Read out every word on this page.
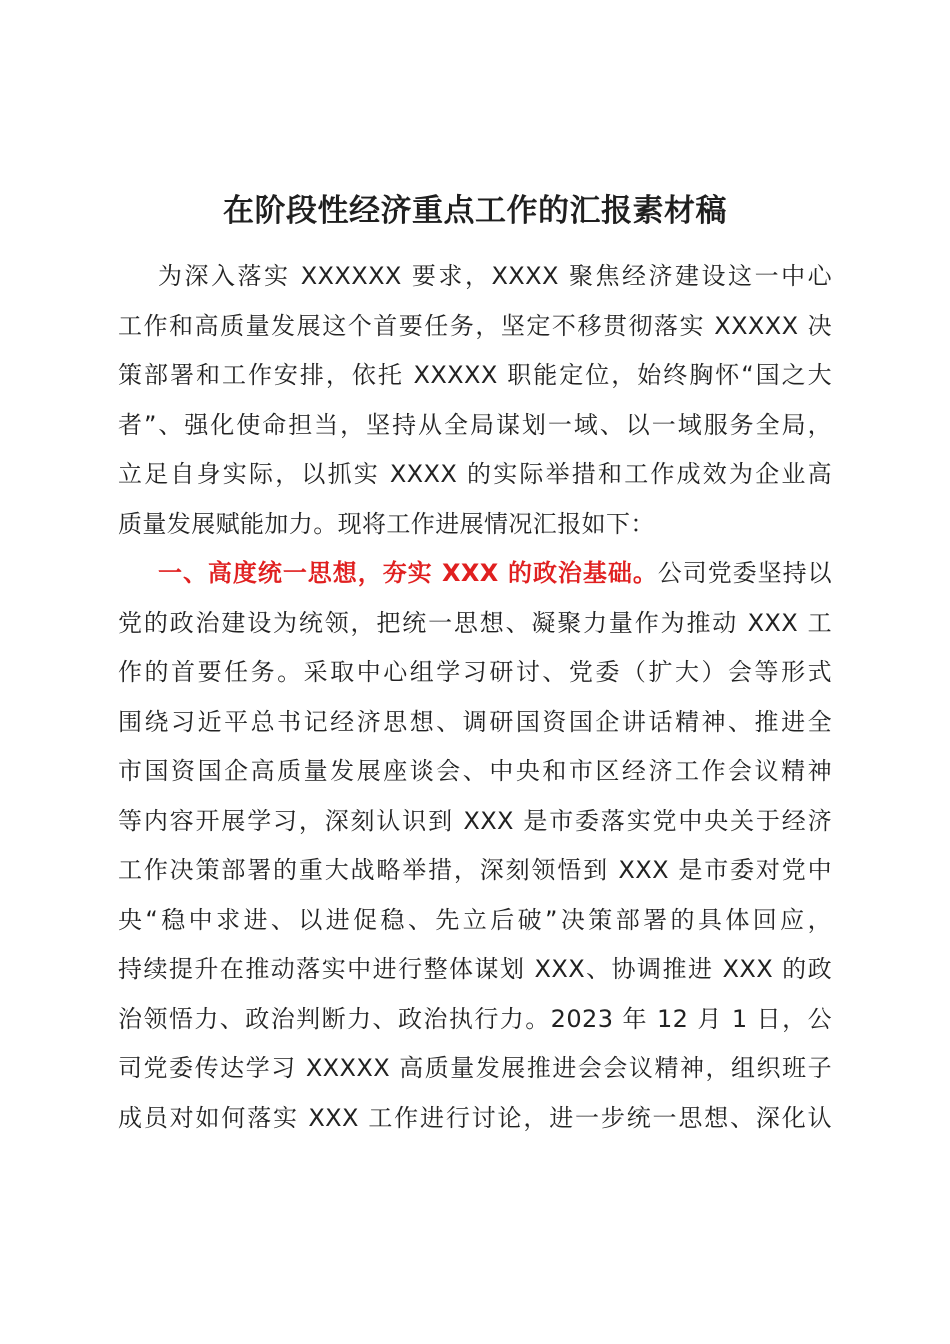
在阶段性经济重点工作的汇报素材稿
为深入落实 XXXXXX 要求，XXXX 聚焦经济建设这一中心
工作和高质量发展这个首要任务，坚定不移贯彻落实 XXXXX 决
策部署和工作安排，依托 XXXXX 职能定位，始终胸怀“国之大
者”、强化使命担当，坚持从全局谋划一域、以一域服务全局，
立足自身实际，以抓实 XXXX 的实际举措和工作成效为企业高
质量发展赋能加力。现将工作进展情况汇报如下：
一、高度统一思想，夯实 XXX 的政治基础。公司党委坚持以
党的政治建设为统领，把统一思想、凝聚力量作为推动 XXX 工
作的首要任务。采取中心组学习研讨、党委（扩大）会等形式
围绕习近平总书记经济思想、调研国资国企讲话精神、推进全
市国资国企高质量发展座谈会、中央和市区经济工作会议精神
等内容开展学习，深刻认识到 XXX 是市委落实党中央关于经济
工作决策部署的重大战略举措，深刻领悟到 XXX 是市委对党中
央“稳中求进、以进促稳、先立后破”决策部署的具体回应，
持续提升在推动落实中进行整体谋划 XXX、协调推进 XXX 的政
治领悟力、政治判断力、政治执行力。2023 年 12 月 1 日，公
司党委传达学习 XXXXX 高质量发展推进会会议精神，组织班子
成员对如何落实 XXX 工作进行讨论，进一步统一思想、深化认
